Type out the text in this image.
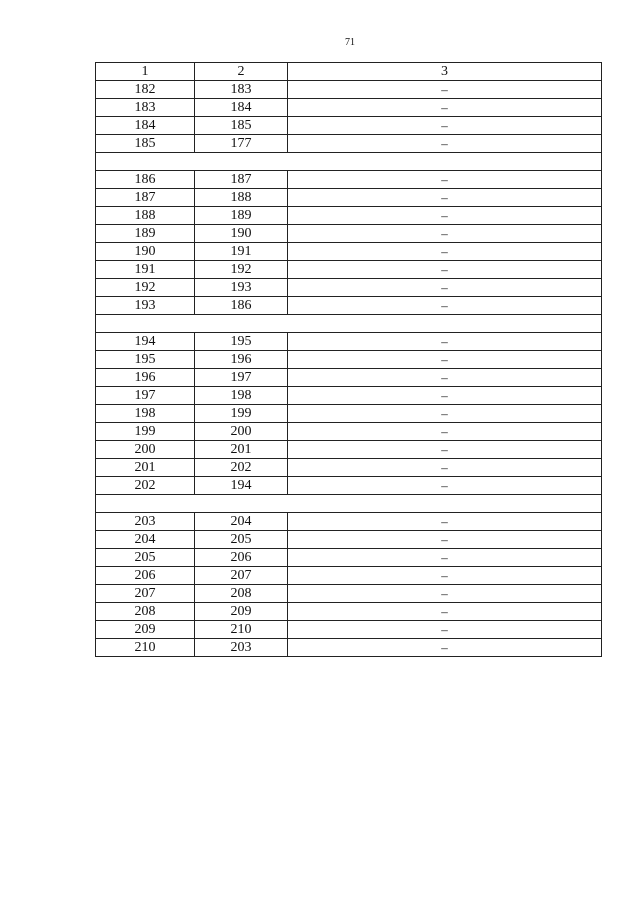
71
1	2	3
182	183	–
183	184	–
184	185	–
185	177	–

186	187	–
187	188	–
188	189	–
189	190	–
190	191	–
191	192	–
192	193	–
193	186	–

194	195	–
195	196	–
196	197	–
197	198	–
198	199	–
199	200	–
200	201	–
201	202	–
202	194	–

203	204	–
204	205	–
205	206	–
206	207	–
207	208	–
208	209	–
209	210	–
210	203	–
